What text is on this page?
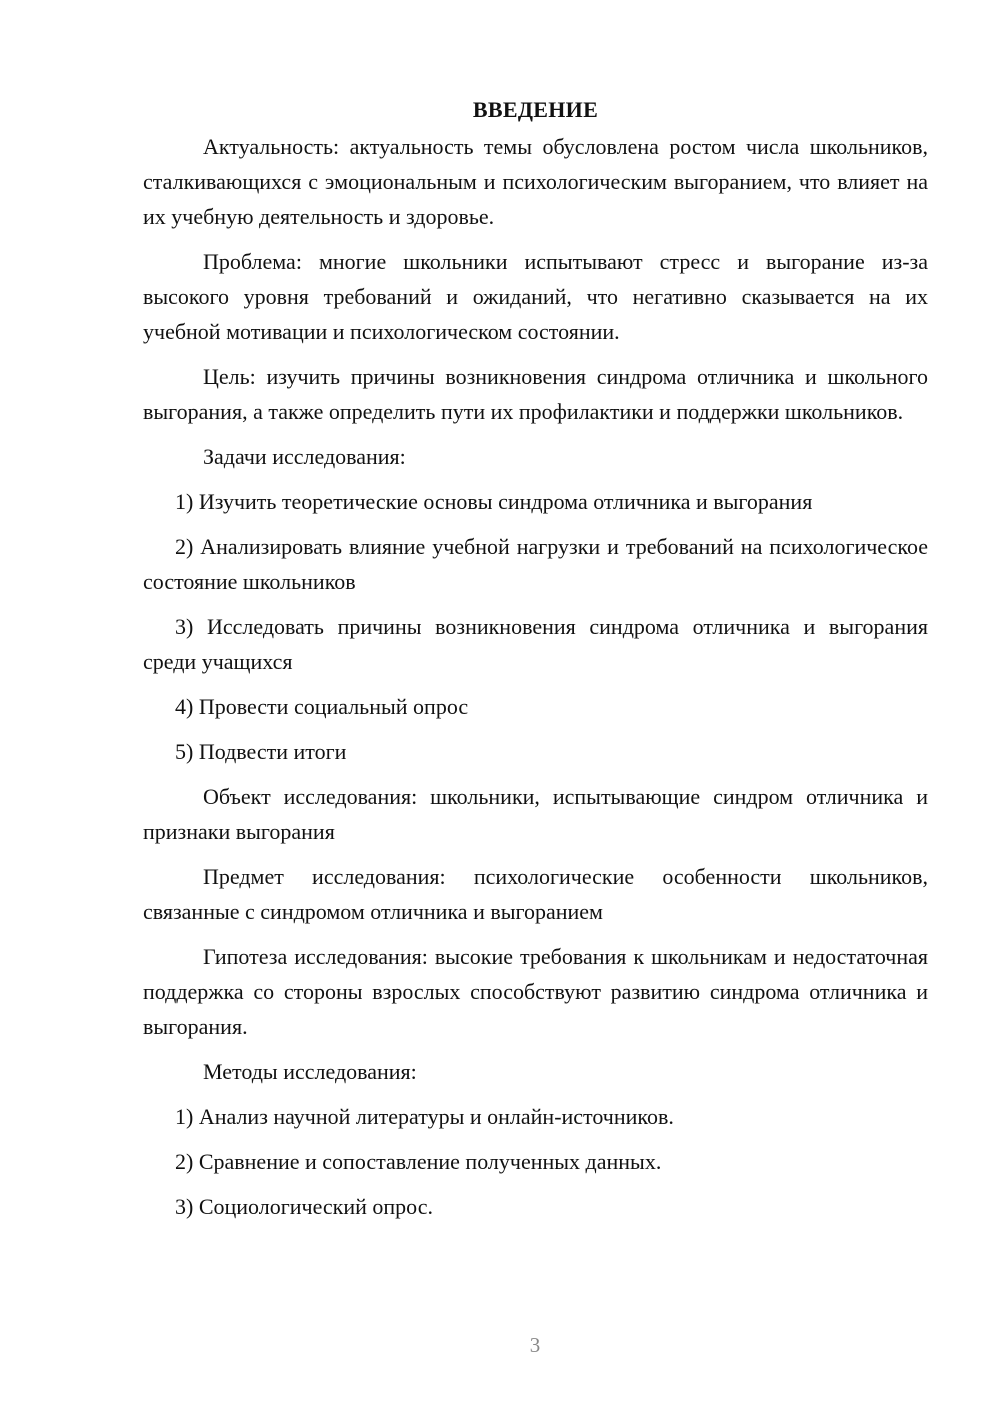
ВВЕДЕНИЕ

Актуальность: актуальность темы обусловлена ростом числа школьников, сталкивающихся с эмоциональным и психологическим выгоранием, что влияет на их учебную деятельность и здоровье.

Проблема: многие школьники испытывают стресс и выгорание из-за высокого уровня требований и ожиданий, что негативно сказывается на их учебной мотивации и психологическом состоянии.

Цель: изучить причины возникновения синдрома отличника и школьного выгорания, а также определить пути их профилактики и поддержки школьников.

Задачи исследования:

1) Изучить теоретические основы синдрома отличника и выгорания

2) Анализировать влияние учебной нагрузки и требований на психологическое состояние школьников

3) Исследовать причины возникновения синдрома отличника и выгорания среди учащихся

4) Провести социальный опрос

5) Подвести итоги

Объект исследования: школьники, испытывающие синдром отличника и признаки выгорания

Предмет исследования: психологические особенности школьников, связанные с синдромом отличника и выгоранием

Гипотеза исследования: высокие требования к школьникам и недостаточная поддержка со стороны взрослых способствуют развитию синдрома отличника и выгорания.

Методы исследования:

1) Анализ научной литературы и онлайн-источников.

2) Сравнение и сопоставление полученных данных.

3) Социологический опрос.

3
